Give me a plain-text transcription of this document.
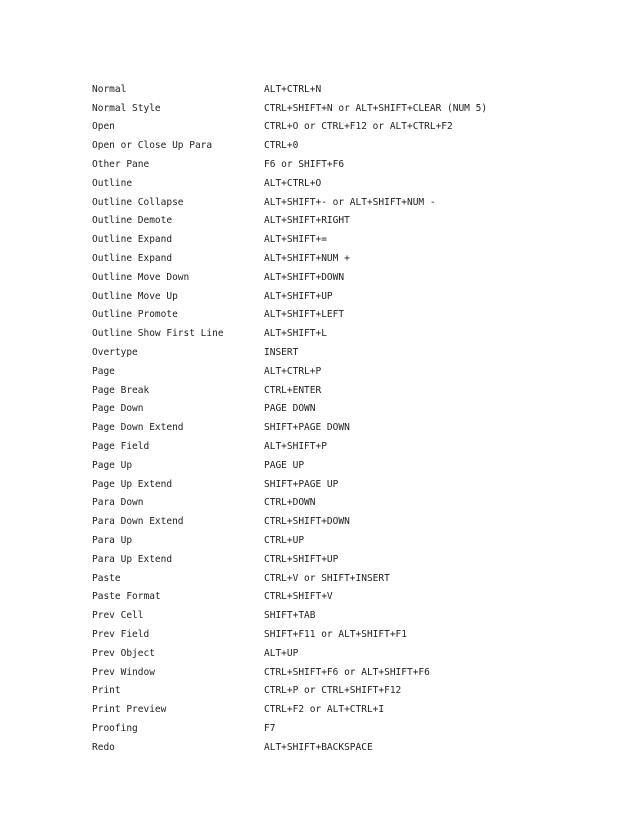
Normal	ALT+CTRL+N
Normal Style	CTRL+SHIFT+N or ALT+SHIFT+CLEAR (NUM 5)
Open	CTRL+O or CTRL+F12 or ALT+CTRL+F2
Open or Close Up Para	CTRL+0
Other Pane	F6 or SHIFT+F6
Outline	ALT+CTRL+O
Outline Collapse	ALT+SHIFT+- or ALT+SHIFT+NUM -
Outline Demote	ALT+SHIFT+RIGHT
Outline Expand	ALT+SHIFT+=
Outline Expand	ALT+SHIFT+NUM +
Outline Move Down	ALT+SHIFT+DOWN
Outline Move Up	ALT+SHIFT+UP
Outline Promote	ALT+SHIFT+LEFT
Outline Show First Line	ALT+SHIFT+L
Overtype	INSERT
Page	ALT+CTRL+P
Page Break	CTRL+ENTER
Page Down	PAGE DOWN
Page Down Extend	SHIFT+PAGE DOWN
Page Field	ALT+SHIFT+P
Page Up	PAGE UP
Page Up Extend	SHIFT+PAGE UP
Para Down	CTRL+DOWN
Para Down Extend	CTRL+SHIFT+DOWN
Para Up	CTRL+UP
Para Up Extend	CTRL+SHIFT+UP
Paste	CTRL+V or SHIFT+INSERT
Paste Format	CTRL+SHIFT+V
Prev Cell	SHIFT+TAB
Prev Field	SHIFT+F11 or ALT+SHIFT+F1
Prev Object	ALT+UP
Prev Window	CTRL+SHIFT+F6 or ALT+SHIFT+F6
Print	CTRL+P or CTRL+SHIFT+F12
Print Preview	CTRL+F2 or ALT+CTRL+I
Proofing	F7
Redo	ALT+SHIFT+BACKSPACE
